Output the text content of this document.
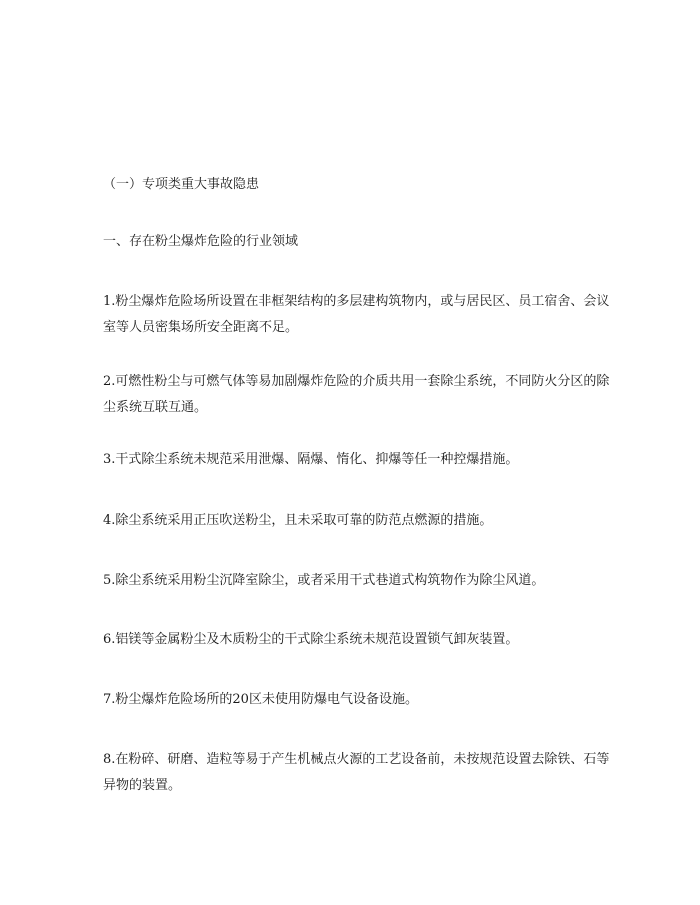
（一）专项类重大事故隐患

一、存在粉尘爆炸危险的行业领域

1.粉尘爆炸危险场所设置在非框架结构的多层建构筑物内，或与居民区、员工宿舍、会议
室等人员密集场所安全距离不足。

2.可燃性粉尘与可燃气体等易加剧爆炸危险的介质共用一套除尘系统，不同防火分区的除
尘系统互联互通。

3.干式除尘系统未规范采用泄爆、隔爆、惰化、抑爆等任一种控爆措施。

4.除尘系统采用正压吹送粉尘，且未采取可靠的防范点燃源的措施。

5.除尘系统采用粉尘沉降室除尘，或者采用干式巷道式构筑物作为除尘风道。

6.铝镁等金属粉尘及木质粉尘的干式除尘系统未规范设置锁气卸灰装置。

7.粉尘爆炸危险场所的20区未使用防爆电气设备设施。

8.在粉碎、研磨、造粒等易于产生机械点火源的工艺设备前，未按规范设置去除铁、石等
异物的装置。
